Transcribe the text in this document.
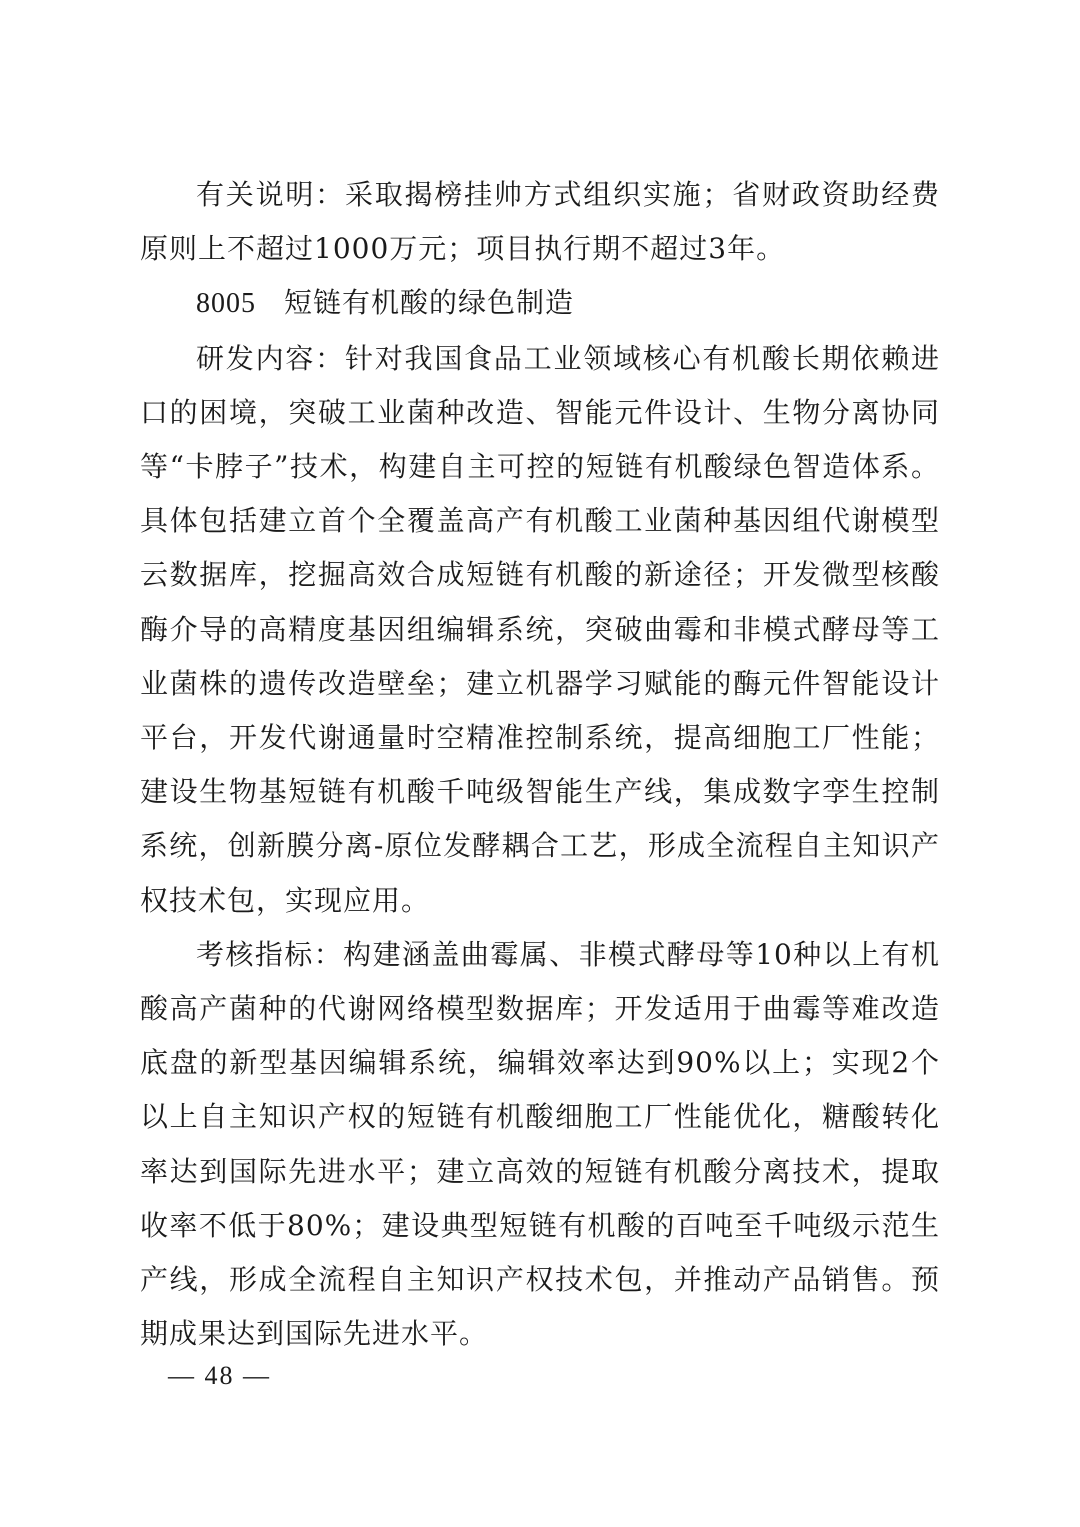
有关说明：采取揭榜挂帅方式组织实施；省财政资助经费原则上不超过1000万元；项目执行期不超过3年。

8005 短链有机酸的绿色制造

研发内容：针对我国食品工业领域核心有机酸长期依赖进口的困境，突破工业菌种改造、智能元件设计、生物分离协同等“卡脖子”技术，构建自主可控的短链有机酸绿色智造体系。具体包括建立首个全覆盖高产有机酸工业菌种基因组代谢模型云数据库，挖掘高效合成短链有机酸的新途径；开发微型核酸酶介导的高精度基因组编辑系统，突破曲霉和非模式酵母等工业菌株的遗传改造壁垒；建立机器学习赋能的酶元件智能设计平台，开发代谢通量时空精准控制系统，提高细胞工厂性能；建设生物基短链有机酸千吨级智能生产线，集成数字孪生控制系统，创新膜分离-原位发酵耦合工艺，形成全流程自主知识产权技术包，实现应用。

考核指标：构建涵盖曲霉属、非模式酵母等10种以上有机酸高产菌种的代谢网络模型数据库；开发适用于曲霉等难改造底盘的新型基因编辑系统，编辑效率达到90%以上；实现2个以上自主知识产权的短链有机酸细胞工厂性能优化，糖酸转化率达到国际先进水平；建立高效的短链有机酸分离技术，提取收率不低于80%；建设典型短链有机酸的百吨至千吨级示范生产线，形成全流程自主知识产权技术包，并推动产品销售。预期成果达到国际先进水平。

— 48 —
